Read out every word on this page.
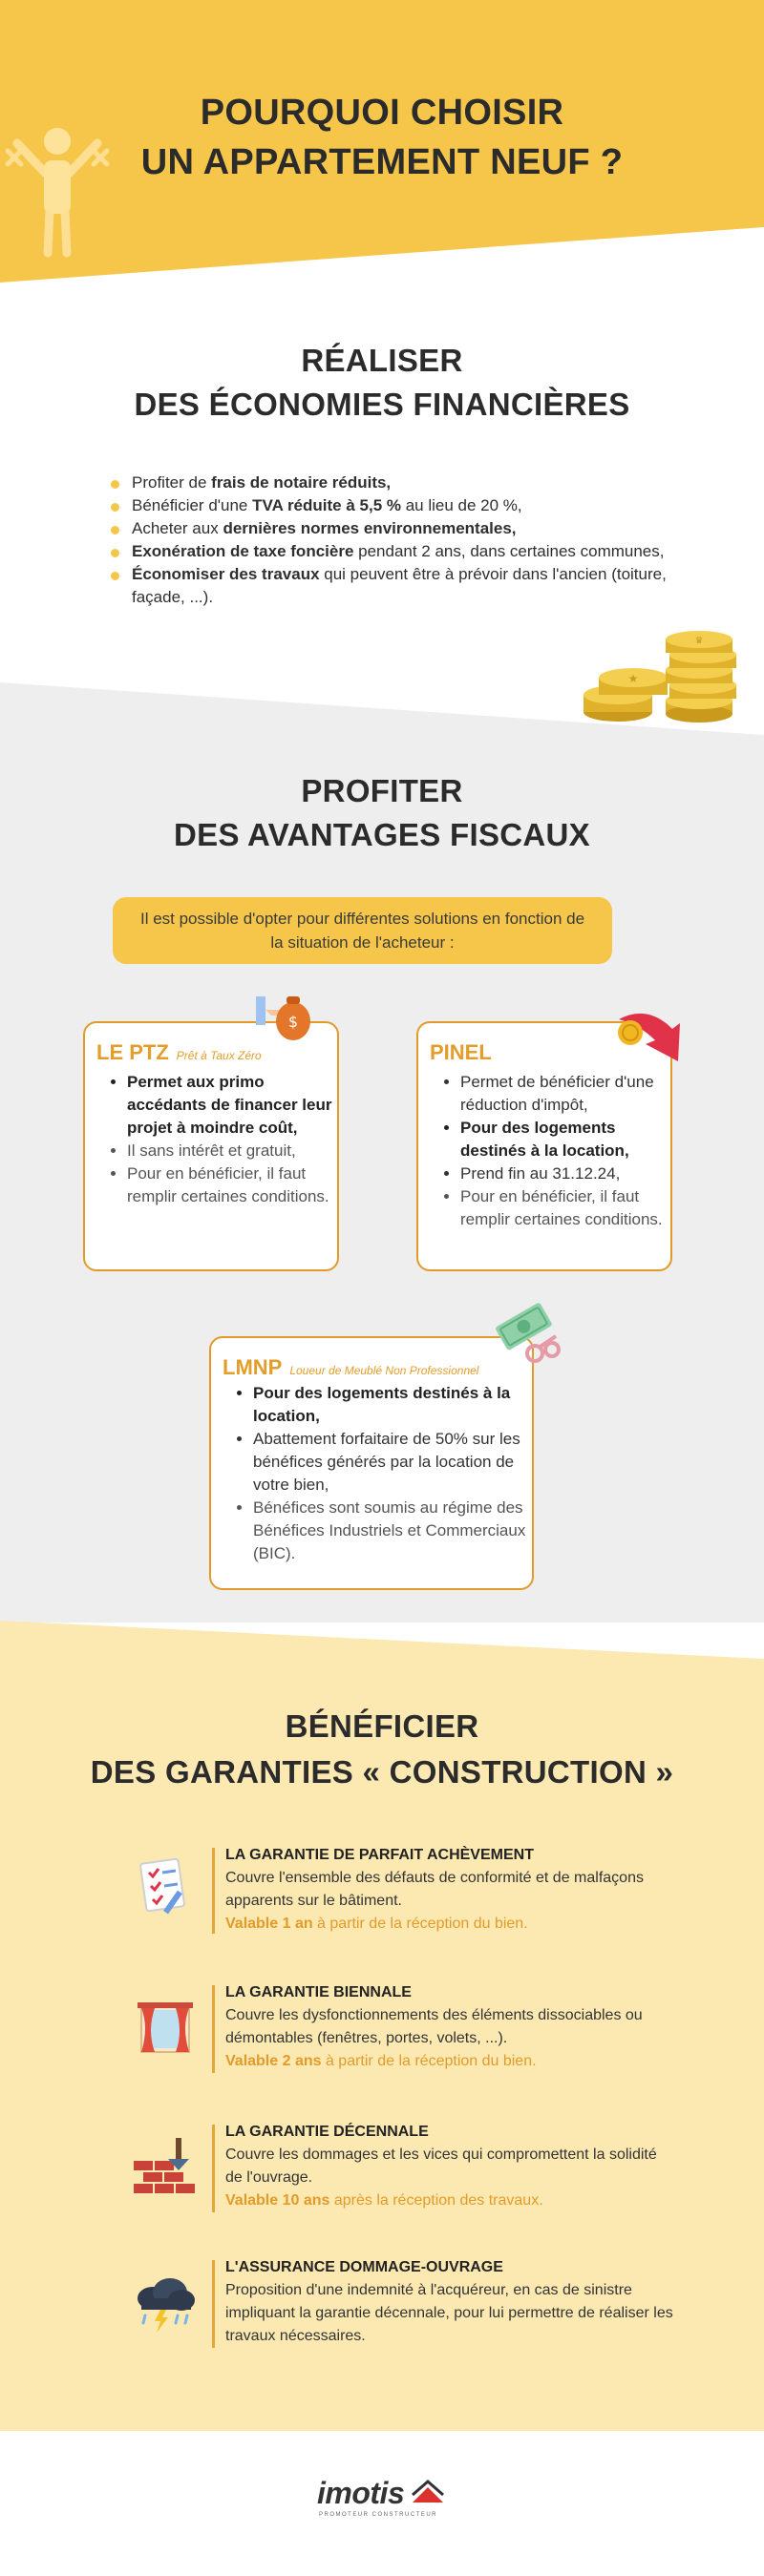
POURQUOI CHOISIR
UN APPARTEMENT NEUF ?
RÉALISER
DES ÉCONOMIES FINANCIÈRES
Profiter de frais de notaire réduits,
Bénéficier d'une TVA réduite à 5,5 % au lieu de 20 %,
Acheter aux dernières normes environnementales,
Exonération de taxe foncière pendant 2 ans, dans certaines communes,
Économiser des travaux qui peuvent être à prévoir dans l'ancien (toiture, façade, ...).
★
♛
PROFITER
DES AVANTAGES FISCAUX
Il est possible d'opter pour différentes solutions en fonction de la situation de l'acheteur :
LE PTZ Prêt à Taux Zéro
• Permet aux primo accédants de financer leur projet à moindre coût,
• Il sans intérêt et gratuit,
• Pour en bénéficier, il faut remplir certaines conditions.
$
PINEL
• Permet de bénéficier d'une réduction d'impôt,
• Pour des logements destinés à la location,
• Prend fin au 31.12.24,
• Pour en bénéficier, il faut remplir certaines conditions.
LMNP Loueur de Meublé Non Professionnel
• Pour des logements destinés à la location,
• Abattement forfaitaire de 50% sur les bénéfices générés par la location de votre bien,
• Bénéfices sont soumis au régime des Bénéfices Industriels et Commerciaux (BIC).
BÉNÉFICIER
DES GARANTIES « CONSTRUCTION »
LA GARANTIE DE PARFAIT ACHÈVEMENT
Couvre l'ensemble des défauts de conformité et de malfaçons apparents sur le bâtiment.
Valable 1 an à partir de la réception du bien.
LA GARANTIE BIENNALE
Couvre les dysfonctionnements des éléments dissociables ou démontables (fenêtres, portes, volets, ...).
Valable 2 ans à partir de la réception du bien.
LA GARANTIE DÉCENNALE
Couvre les dommages et les vices qui compromettent la solidité de l'ouvrage.
Valable 10 ans après la réception des travaux.
L'ASSURANCE DOMMAGE-OUVRAGE
Proposition d'une indemnité à l'acquéreur, en cas de sinistre impliquant la garantie décennale, pour lui permettre de réaliser les travaux nécessaires.
imotis
PROMOTEUR CONSTRUCTEUR
